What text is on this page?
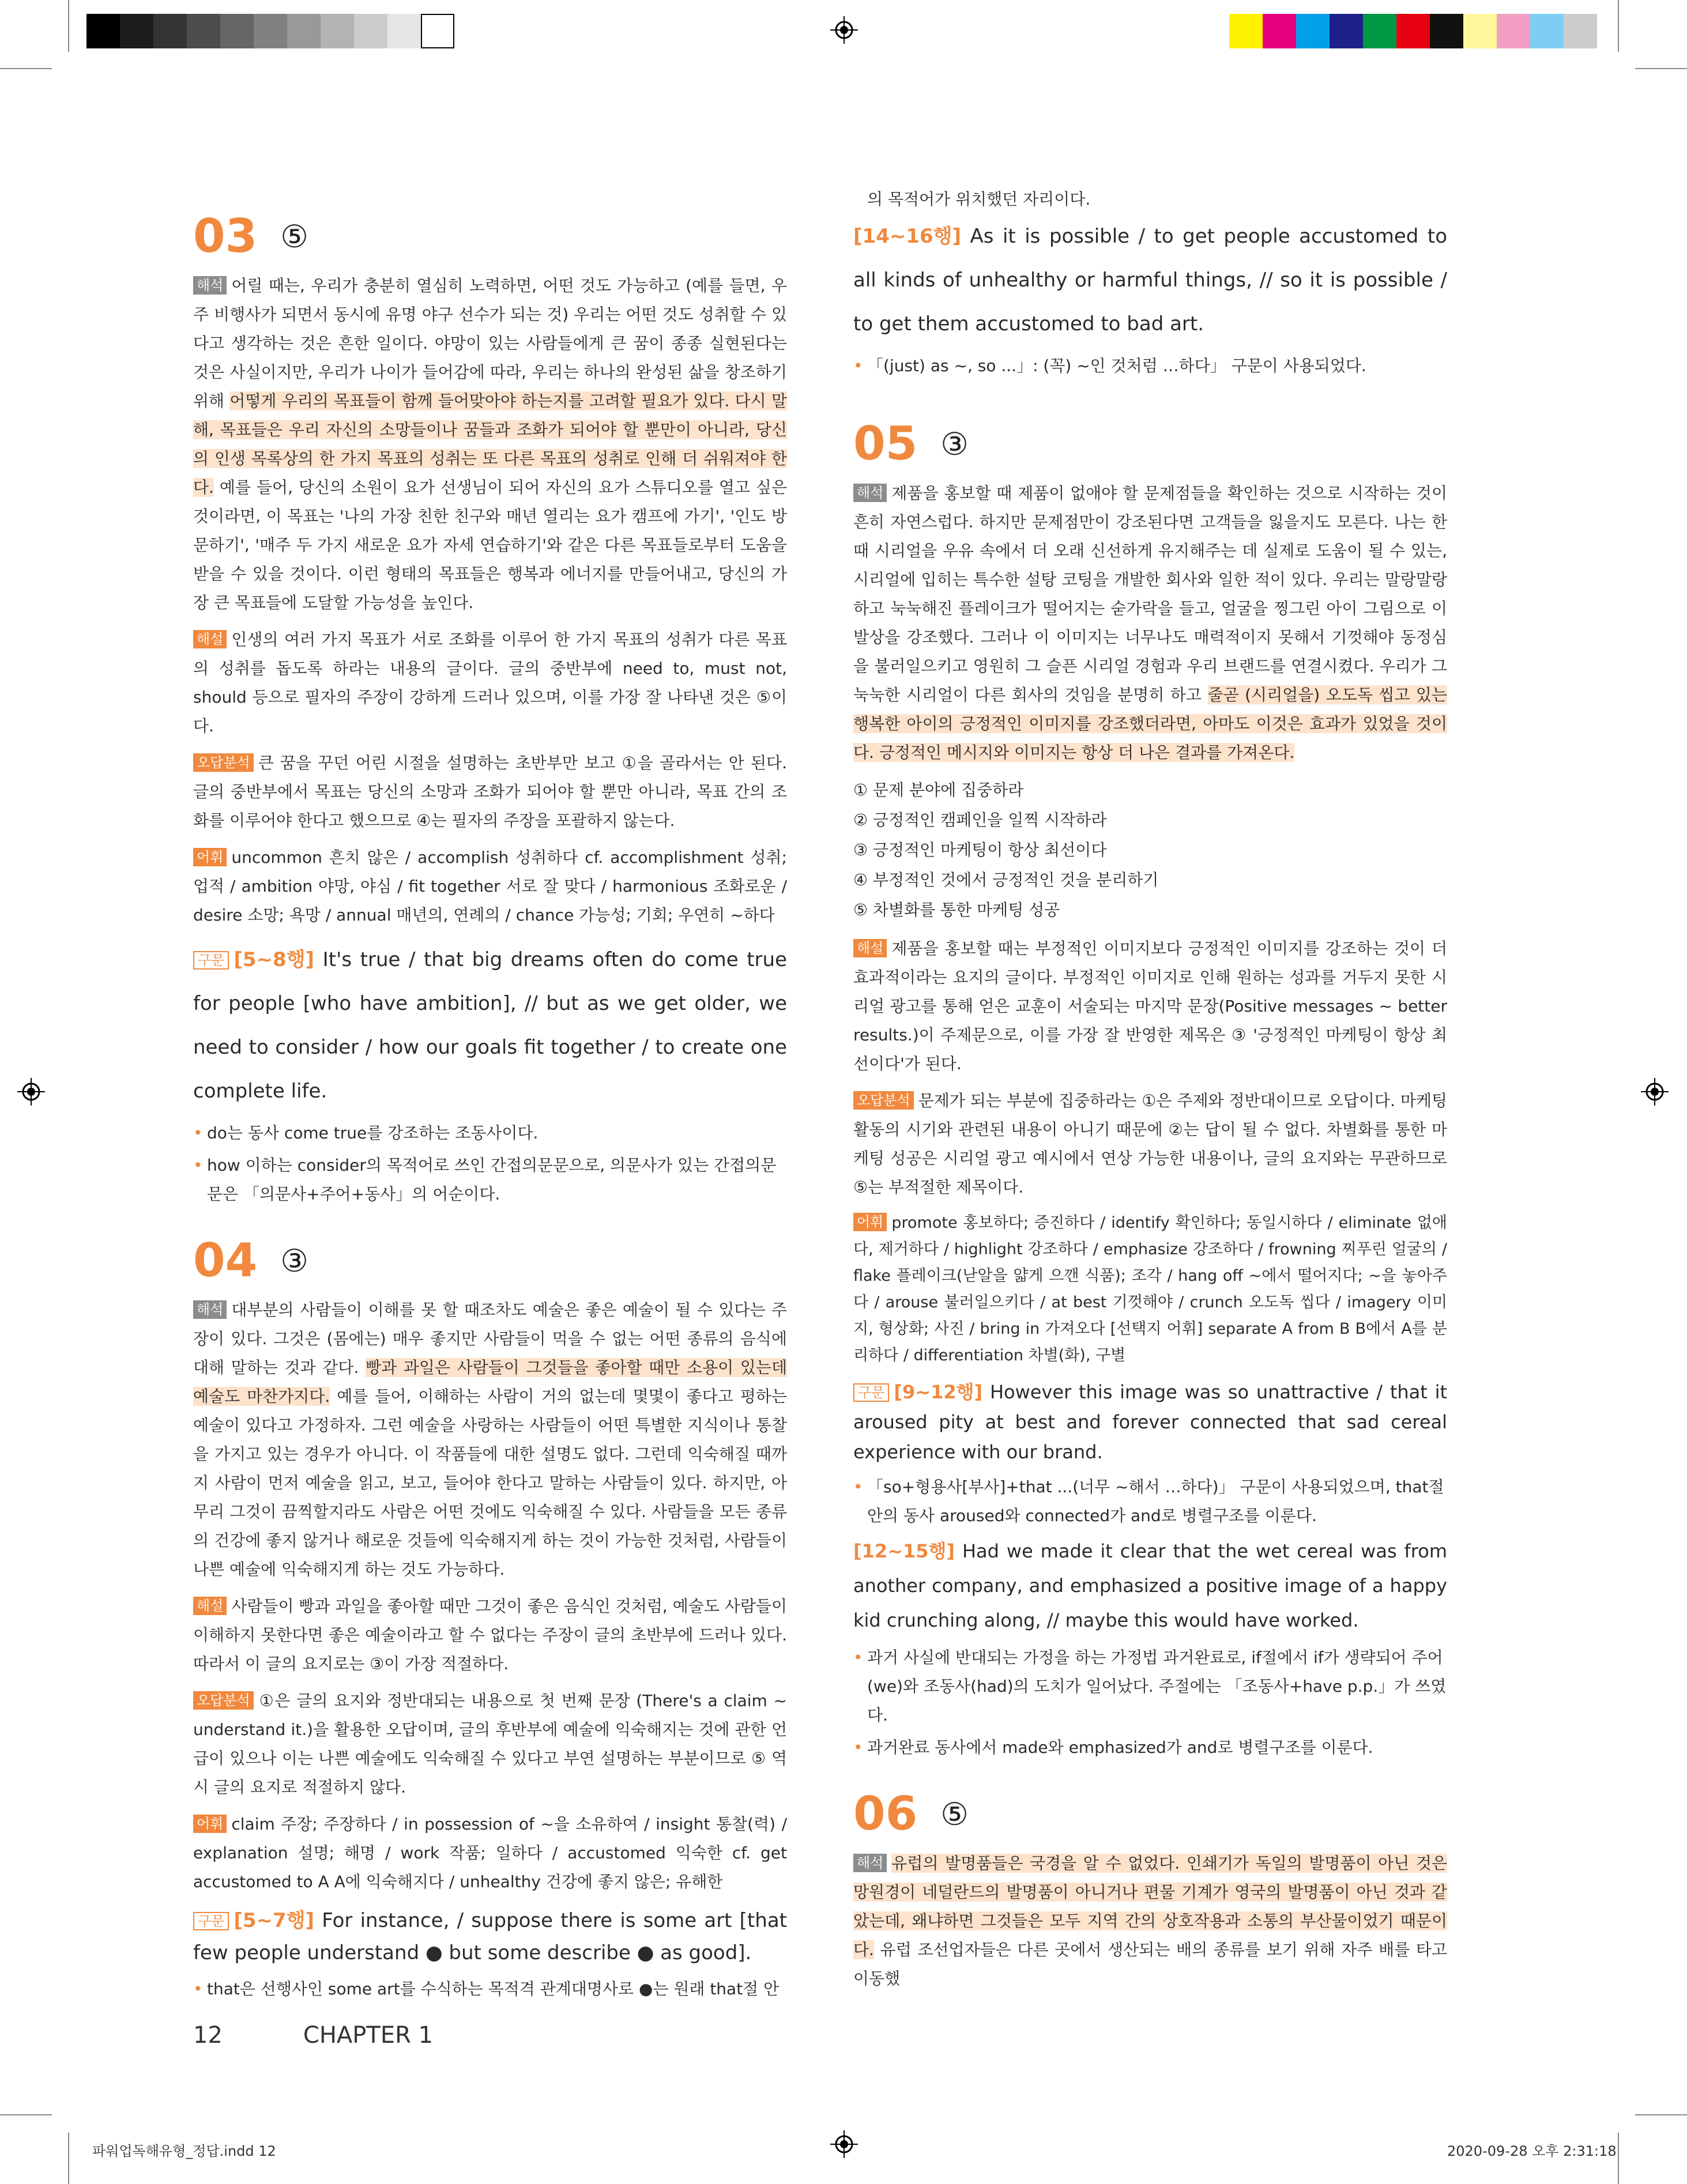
03 ⑤

해석 어릴 때는, 우리가 충분히 열심히 노력하면, 어떤 것도 가능하고 (예를 들면, 우주 비행사가 되면서 동시에 유명 야구 선수가 되는 것) 우리는 어떤 것도 성취할 수 있다고 생각하는 것은 흔한 일이다. 야망이 있는 사람들에게 큰 꿈이 종종 실현된다는 것은 사실이지만, 우리가 나이가 들어감에 따라, 우리는 하나의 완성된 삶을 창조하기 위해 어떻게 우리의 목표들이 함께 들어맞아야 하는지를 고려할 필요가 있다. 다시 말해, 목표들은 우리 자신의 소망들이나 꿈들과 조화가 되어야 할 뿐만이 아니라, 당신의 인생 목록상의 한 가지 목표의 성취는 또 다른 목표의 성취로 인해 더 쉬워져야 한다. 예를 들어, 당신의 소원이 요가 선생님이 되어 자신의 요가 스튜디오를 열고 싶은 것이라면, 이 목표는 '나의 가장 친한 친구와 매년 열리는 요가 캠프에 가기', '인도 방문하기', '매주 두 가지 새로운 요가 자세 연습하기'와 같은 다른 목표들로부터 도움을 받을 수 있을 것이다. 이런 형태의 목표들은 행복과 에너지를 만들어내고, 당신의 가장 큰 목표들에 도달할 가능성을 높인다.

해설 인생의 여러 가지 목표가 서로 조화를 이루어 한 가지 목표의 성취가 다른 목표의 성취를 돕도록 하라는 내용의 글이다. 글의 중반부에 need to, must not, should 등으로 필자의 주장이 강하게 드러나 있으며, 이를 가장 잘 나타낸 것은 ⑤이다.

오답분석 큰 꿈을 꾸던 어린 시절을 설명하는 초반부만 보고 ①을 골라서는 안 된다. 글의 중반부에서 목표는 당신의 소망과 조화가 되어야 할 뿐만 아니라, 목표 간의 조화를 이루어야 한다고 했으므로 ④는 필자의 주장을 포괄하지 않는다.

어휘 uncommon 흔치 않은 / accomplish 성취하다 cf. accomplishment 성취; 업적 / ambition 야망, 야심 / fit together 서로 잘 맞다 / harmonious 조화로운 / desire 소망; 욕망 / annual 매년의, 연례의 / chance 가능성; 기회; 우연히 ~하다

구문 [5~8행] It's true / that big dreams often do come true for people [who have ambition], // but as we get older, we need to consider / how our goals fit together / to create one complete life.

• do는 동사 come true를 강조하는 조동사이다.

• how 이하는 consider의 목적어로 쓰인 간접의문문으로, 의문사가 있는 간접의문문은 「의문사+주어+동사」의 어순이다.

04 ③

해석 대부분의 사람들이 이해를 못 할 때조차도 예술은 좋은 예술이 될 수 있다는 주장이 있다. 그것은 (몸에는) 매우 좋지만 사람들이 먹을 수 없는 어떤 종류의 음식에 대해 말하는 것과 같다. 빵과 과일은 사람들이 그것들을 좋아할 때만 소용이 있는데 예술도 마찬가지다. 예를 들어, 이해하는 사람이 거의 없는데 몇몇이 좋다고 평하는 예술이 있다고 가정하자. 그런 예술을 사랑하는 사람들이 어떤 특별한 지식이나 통찰을 가지고 있는 경우가 아니다. 이 작품들에 대한 설명도 없다. 그런데 익숙해질 때까지 사람이 먼저 예술을 읽고, 보고, 들어야 한다고 말하는 사람들이 있다. 하지만, 아무리 그것이 끔찍할지라도 사람은 어떤 것에도 익숙해질 수 있다. 사람들을 모든 종류의 건강에 좋지 않거나 해로운 것들에 익숙해지게 하는 것이 가능한 것처럼, 사람들이 나쁜 예술에 익숙해지게 하는 것도 가능하다.

해설 사람들이 빵과 과일을 좋아할 때만 그것이 좋은 음식인 것처럼, 예술도 사람들이 이해하지 못한다면 좋은 예술이라고 할 수 없다는 주장이 글의 초반부에 드러나 있다. 따라서 이 글의 요지로는 ③이 가장 적절하다.

오답분석 ①은 글의 요지와 정반대되는 내용으로 첫 번째 문장 (There's a claim ~ understand it.)을 활용한 오답이며, 글의 후반부에 예술에 익숙해지는 것에 관한 언급이 있으나 이는 나쁜 예술에도 익숙해질 수 있다고 부연 설명하는 부분이므로 ⑤ 역시 글의 요지로 적절하지 않다.

어휘 claim 주장; 주장하다 / in possession of ~을 소유하여 / insight 통찰(력) / explanation 설명; 해명 / work 작품; 일하다 / accustomed 익숙한 cf. get accustomed to A A에 익숙해지다 / unhealthy 건강에 좋지 않은; 유해한

구문 [5~7행] For instance, / suppose there is some art [that few people understand ● but some describe ● as good].

• that은 선행사인 some art를 수식하는 목적격 관계대명사로 ●는 원래 that절 안

의 목적어가 위치했던 자리이다.

[14~16행] As it is possible / to get people accustomed to all kinds of unhealthy or harmful things, // so it is possible / to get them accustomed to bad art.

• 「(just) as ~, so ...」: (꼭) ~인 것처럼 …하다」 구문이 사용되었다.

05 ③

해석 제품을 홍보할 때 제품이 없애야 할 문제점들을 확인하는 것으로 시작하는 것이 흔히 자연스럽다. 하지만 문제점만이 강조된다면 고객들을 잃을지도 모른다. 나는 한때 시리얼을 우유 속에서 더 오래 신선하게 유지해주는 데 실제로 도움이 될 수 있는, 시리얼에 입히는 특수한 설탕 코팅을 개발한 회사와 일한 적이 있다. 우리는 말랑말랑하고 눅눅해진 플레이크가 떨어지는 숟가락을 들고, 얼굴을 찡그린 아이 그림으로 이 발상을 강조했다. 그러나 이 이미지는 너무나도 매력적이지 못해서 기껏해야 동정심을 불러일으키고 영원히 그 슬픈 시리얼 경험과 우리 브랜드를 연결시켰다. 우리가 그 눅눅한 시리얼이 다른 회사의 것임을 분명히 하고 줄곧 (시리얼을) 오도독 씹고 있는 행복한 아이의 긍정적인 이미지를 강조했더라면, 아마도 이것은 효과가 있었을 것이다. 긍정적인 메시지와 이미지는 항상 더 나은 결과를 가져온다.

① 문제 분야에 집중하라

② 긍정적인 캠페인을 일찍 시작하라

③ 긍정적인 마케팅이 항상 최선이다

④ 부정적인 것에서 긍정적인 것을 분리하기

⑤ 차별화를 통한 마케팅 성공

해설 제품을 홍보할 때는 부정적인 이미지보다 긍정적인 이미지를 강조하는 것이 더 효과적이라는 요지의 글이다. 부정적인 이미지로 인해 원하는 성과를 거두지 못한 시리얼 광고를 통해 얻은 교훈이 서술되는 마지막 문장(Positive messages ~ better results.)이 주제문으로, 이를 가장 잘 반영한 제목은 ③ '긍정적인 마케팅이 항상 최선이다'가 된다.

오답분석 문제가 되는 부분에 집중하라는 ①은 주제와 정반대이므로 오답이다. 마케팅 활동의 시기와 관련된 내용이 아니기 때문에 ②는 답이 될 수 없다. 차별화를 통한 마케팅 성공은 시리얼 광고 예시에서 연상 가능한 내용이나, 글의 요지와는 무관하므로 ⑤는 부적절한 제목이다.

어휘 promote 홍보하다; 증진하다 / identify 확인하다; 동일시하다 / eliminate 없애다, 제거하다 / highlight 강조하다 / emphasize 강조하다 / frowning 찌푸린 얼굴의 / flake 플레이크(낟알을 얇게 으깬 식품); 조각 / hang off ~에서 떨어지다; ~을 놓아주다 / arouse 불러일으키다 / at best 기껏해야 / crunch 오도독 씹다 / imagery 이미지, 형상화; 사진 / bring in 가져오다 [선택지 어휘] separate A from B B에서 A를 분리하다 / differentiation 차별(화), 구별

구문 [9~12행] However this image was so unattractive / that it aroused pity at best and forever connected that sad cereal experience with our brand.

• 「so+형용사[부사]+that ...(너무 ~해서 …하다)」 구문이 사용되었으며, that절 안의 동사 aroused와 connected가 and로 병렬구조를 이룬다.

[12~15행] Had we made it clear that the wet cereal was from another company, and emphasized a positive image of a happy kid crunching along, // maybe this would have worked.

• 과거 사실에 반대되는 가정을 하는 가정법 과거완료로, if절에서 if가 생략되어 주어(we)와 조동사(had)의 도치가 일어났다. 주절에는 「조동사+have p.p.」가 쓰였다.

• 과거완료 동사에서 made와 emphasized가 and로 병렬구조를 이룬다.

06 ⑤

해석 유럽의 발명품들은 국경을 알 수 없었다. 인쇄기가 독일의 발명품이 아닌 것은 망원경이 네덜란드의 발명품이 아니거나 편물 기계가 영국의 발명품이 아닌 것과 같았는데, 왜냐하면 그것들은 모두 지역 간의 상호작용과 소통의 부산물이었기 때문이다. 유럽 조선업자들은 다른 곳에서 생산되는 배의 종류를 보기 위해 자주 배를 타고 이동했

12	CHAPTER 1
파워업독해유형_정답.indd 12	2020-09-28 오후 2:31:18
